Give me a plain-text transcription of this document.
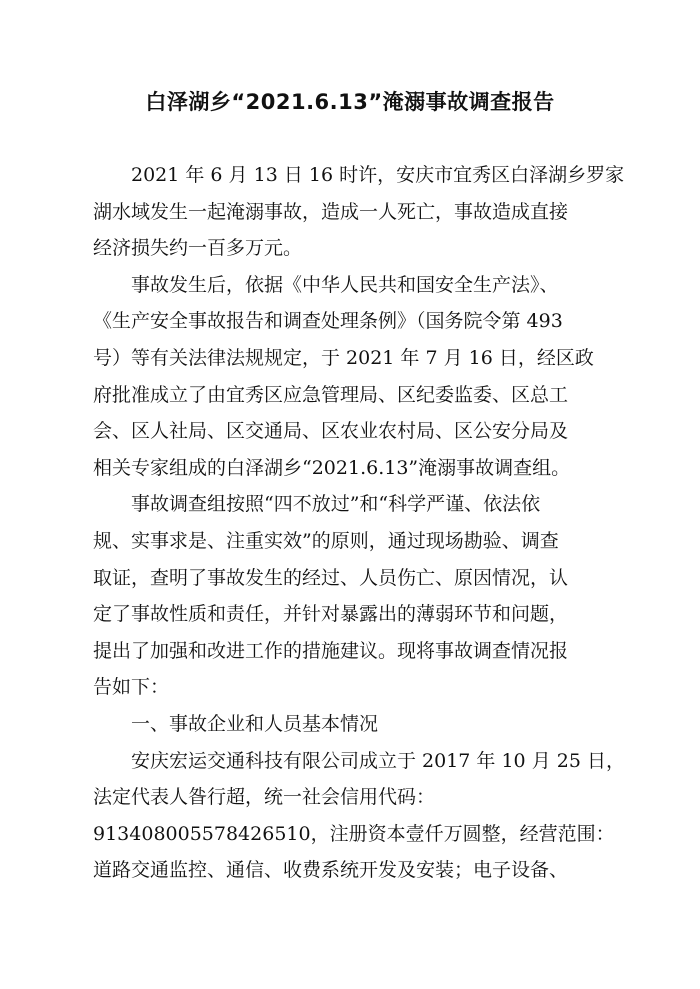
白泽湖乡“2021.6.13”淹溺事故调查报告
2021 年 6 月 13 日 16 时许，安庆市宜秀区白泽湖乡罗家
湖水域发生一起淹溺事故，造成一人死亡，事故造成直接
经济损失约一百多万元。
事故发生后，依据《中华人民共和国安全生产法》、
《生产安全事故报告和调查处理条例》（国务院令第 493
号）等有关法律法规规定，于 2021 年 7 月 16 日，经区政
府批准成立了由宜秀区应急管理局、区纪委监委、区总工
会、区人社局、区交通局、区农业农村局、区公安分局及
相关专家组成的白泽湖乡“2021.6.13”淹溺事故调查组。
事故调查组按照“四不放过”和“科学严谨、依法依
规、实事求是、注重实效”的原则，通过现场勘验、调查
取证，查明了事故发生的经过、人员伤亡、原因情况，认
定了事故性质和责任，并针对暴露出的薄弱环节和问题，
提出了加强和改进工作的措施建议。现将事故调查情况报
告如下：
一、事故企业和人员基本情况
安庆宏运交通科技有限公司成立于 2017 年 10 月 25 日，
法定代表人昝行超，统一社会信用代码：
913408005578426510，注册资本壹仟万圆整，经营范围：
道路交通监控、通信、收费系统开发及安装；电子设备、
